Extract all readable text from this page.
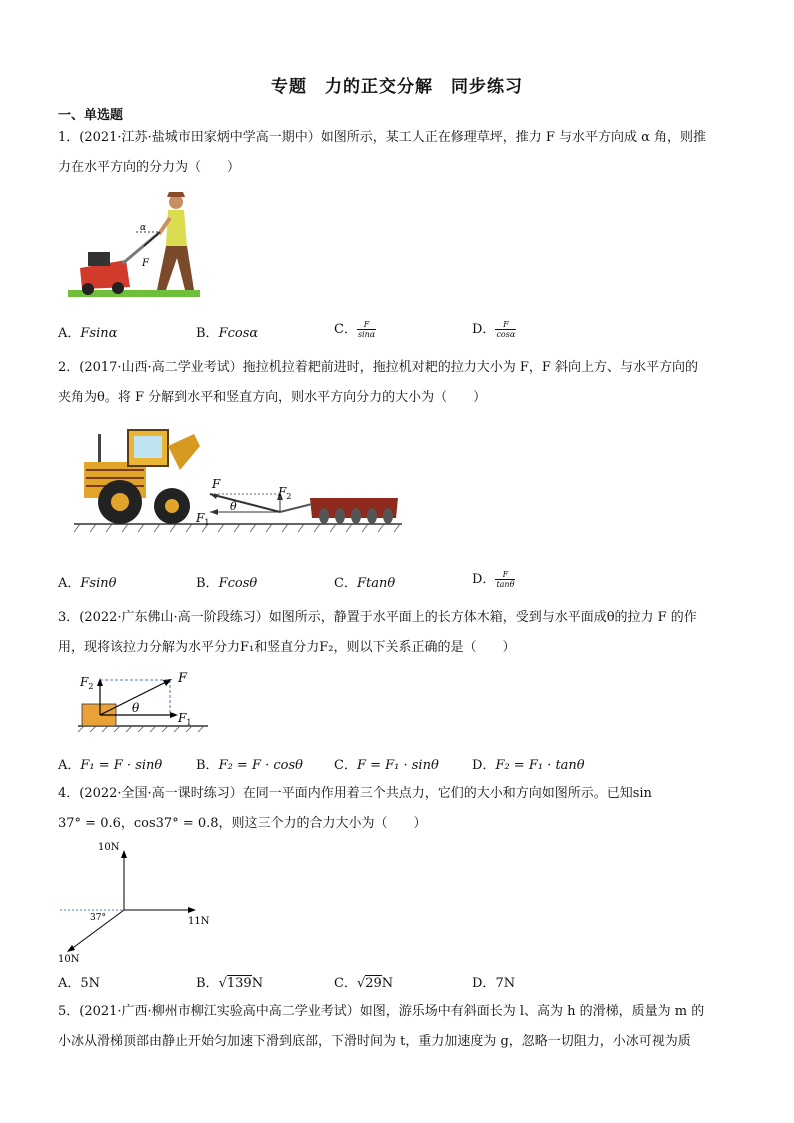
专题　力的正交分解　同步练习
一、单选题
1．(2021·江苏·盐城市田家炳中学高一期中）如图所示，某工人正在修理草坪，推力 F 与水平方向成 α 角，则推
力在水平方向的分力为（　　）
α
F
A．Fsinα	B．Fcosα	C． $\frac{F}{\sin\alpha}$	D． $\frac{F}{\cos\alpha}$
2．(2017·山西·高二学业考试）拖拉机拉着耙前进时，拖拉机对耙的拉力大小为 F，F 斜向上方、与水平方向的
夹角为θ。将 F 分解到水平和竖直方向，则水平方向分力的大小为（　　）
F
$F_1$
$F_2$
θ
A．Fsinθ	B．Fcosθ	C．Ftanθ	D． $\frac{F}{\tan\theta}$
3．(2022·广东佛山·高一阶段练习）如图所示，静置于水平面上的长方体木箱，受到与水平面成θ的拉力 F 的作
用，现将该拉力分解为水平分力F₁和竖直分力F₂，则以下关系正确的是（　　）
$F_2$
F
$F_1$
θ
A．F₁ = F · sinθ	B．F₂ = F · cosθ C．F = F₁ · sinθ	D．F₂ = F₁ · tanθ
4．(2022·全国·高一课时练习）在同一平面内作用着三个共点力，它们的大小和方向如图所示。已知sin
37° = 0.6，cos37° = 0.8，则这三个力的合力大小为（　　）
10N
11N
10N
37°
A．5N	B．√139N	C．√29N	D．7N
5．(2021·广西·柳州市柳江实验高中高二学业考试）如图，游乐场中有斜面长为 l、高为 h 的滑梯，质量为 m 的
小冰从滑梯顶部由静止开始匀加速下滑到底部，下滑时间为 t，重力加速度为 g，忽略一切阻力，小冰可视为质
